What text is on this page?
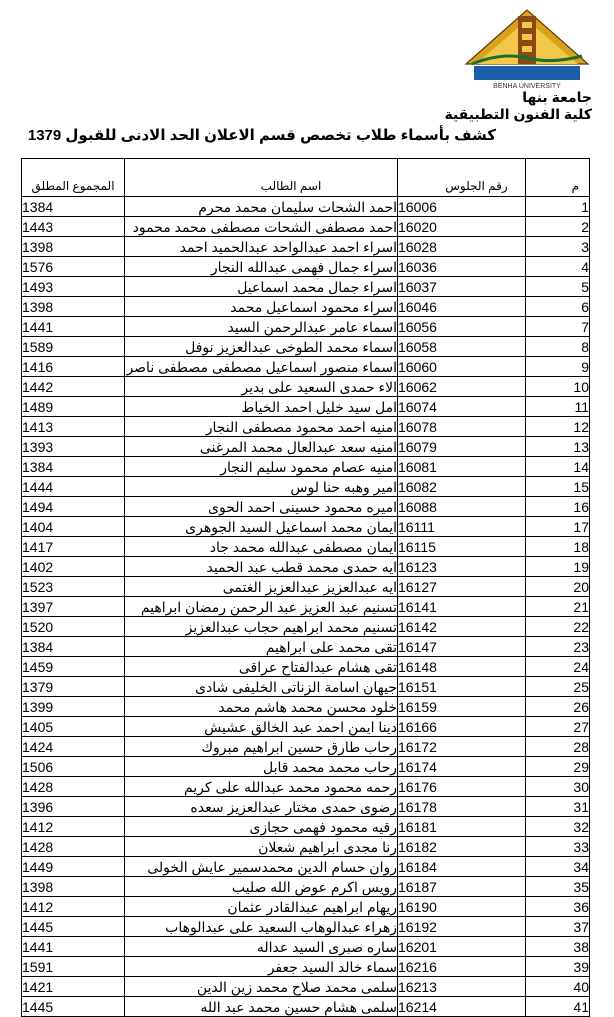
BENHA UNIVERSITY
جامعة بنها
كلية الفنون التطبيقية
كشف بأسماء طلاب تخصص قسم الاعلان الحد الادنى للقبول 1379
المجموع المطلق	اسم الطالب	رقم الجلوس	م
1384	احمد الشحات سليمان محمد محرم	16006	1
1443	احمد مصطفى الشحات مصطفى محمد محمود	16020	2
1398	اسراء احمد عبدالواحد عبدالحميد احمد	16028	3
1576	اسراء جمال فهمى عبدالله النجار	16036	4
1493	اسراء جمال محمد اسماعيل	16037	5
1398	اسراء محمود اسماعيل محمد	16046	6
1441	اسماء عامر عبدالرحمن السيد	16056	7
1589	اسماء محمد الطوخى عبدالعزيز نوفل	16058	8
1416	اسماء منصور اسماعيل مصطفى مصطفى ناصر	16060	9
1442	الاء حمدى السعيد على بدير	16062	10
1489	امل سيد خليل احمد الخياط	16074	11
1413	امنيه احمد محمود مصطفى النجار	16078	12
1393	امنيه سعد عبدالعال محمد المرغنى	16079	13
1384	امنيه عصام محمود سليم النجار	16081	14
1444	امير وهبه حنا لوس	16082	15
1494	اميره محمود حسينى احمد الحوى	16088	16
1404	ايمان محمد اسماعيل السيد الجوهرى	16111	17
1417	ايمان مصطفى عبدالله محمد جاد	16115	18
1402	ايه حمدى محمد قطب عبد الحميد	16123	19
1523	ايه عبدالعزيز عبدالعزيز الغتمى	16127	20
1397	تسنيم عبد العزيز عبد الرحمن رمضان ابراهيم	16141	21
1520	تسنيم محمد ابراهيم حجاب عبدالعزيز	16142	22
1384	تقى محمد على ابراهيم	16147	23
1459	تقى هشام عبدالفتاح عراقى	16148	24
1379	جيهان اسامة الزناتى الخليفى شادى	16151	25
1399	خلود محسن محمد هاشم محمد	16159	26
1405	دينا ايمن احمد عبد الخالق عشيش	16166	27
1424	رحاب طارق حسين ابراهيم مبروك	16172	28
1506	رحاب محمد محمد قابل	16174	29
1428	رحمه محمود محمد عبدالله على كريم	16176	30
1396	رضوى حمدى مختار عبدالعزيز سعده	16178	31
1412	رقيه محمود فهمى حجازى	16181	32
1428	رنا مجدى ابراهيم شعلان	16182	33
1449	روان حسام الدين محمدسمير عايش الخولى	16184	34
1398	رويس اكرم عوض الله صليب	16187	35
1412	ريهام ابراهيم عبدالقادر عثمان	16190	36
1445	زهراء عبدالوهاب السعيد على عبدالوهاب	16192	37
1441	ساره صبرى السيد عداله	16201	38
1591	سماء خالد السيد جعفر	16216	39
1421	سلمى محمد صلاح محمد زين الدين	16213	40
1445	سلمى هشام حسين محمد عبد الله	16214	41
